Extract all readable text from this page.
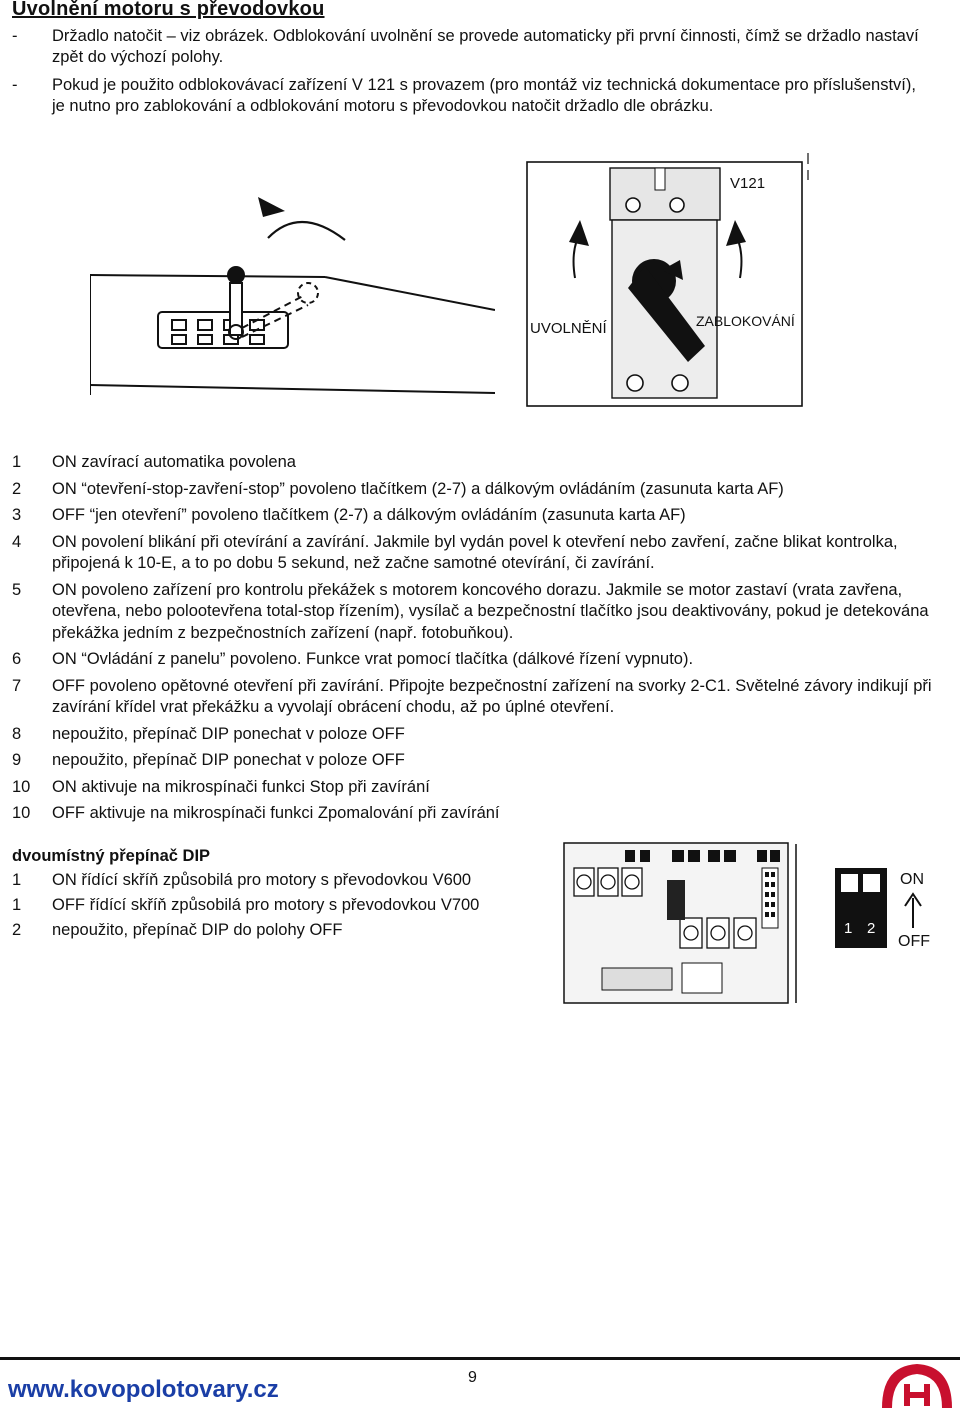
Uvolnění motoru s převodovkou
- Držadlo natočit – viz obrázek. Odblokování uvolnění se provede automaticky při první činnosti, čímž se držadlo nastaví zpět do výchozí polohy.
- Pokud je použito odblokovávací zařízení V 121 s provazem (pro montáž viz technická dokumentace pro příslušenství), je nutno pro zablokování a odblokování motoru s převodovkou natočit držadlo dle obrázku.
V121
UVOLNĚNÍ	ZABLOKOVÁNÍ
1 ON zavírací automatika povolena
2 ON “otevření-stop-zavření-stop” povoleno tlačítkem (2-7) a dálkovým ovládáním (zasunuta karta AF)
3 OFF “jen otevření” povoleno tlačítkem (2-7) a dálkovým ovládáním (zasunuta karta AF)
4 ON povolení blikání při otevírání a zavírání. Jakmile byl vydán povel k otevření nebo zavření, začne blikat kontrolka, připojená k 10-E, a to po dobu 5 sekund, než začne samotné otevírání, či zavírání.
5 ON povoleno zařízení pro kontrolu překážek s motorem koncového dorazu. Jakmile se motor zastaví (vrata zavřena, otevřena, nebo polootevřena total-stop řízením), vysílač a bezpečnostní tlačítko jsou deaktivovány, pokud je detekována překážka jedním z bezpečnostních zařízení (např. fotobuňkou).
6 ON “Ovládání z panelu” povoleno. Funkce vrat pomocí tlačítka (dálkové řízení vypnuto).
7 OFF povoleno opětovné otevření při zavírání. Připojte bezpečnostní zařízení na svorky 2-C1. Světelné závory indikují při zavírání křídel vrat překážku a vyvolají obrácení chodu, až po úplné otevření.
8 nepoužito, přepínač DIP ponechat v poloze OFF
9 nepoužito, přepínač DIP ponechat v poloze OFF
10 ON aktivuje na mikrospínači funkci Stop při zavírání
10 OFF aktivuje na mikrospínači funkci Zpomalování při zavírání
dvoumístný přepínač DIP
1 ON řídící skříň způsobilá pro motory s převodovkou V600
1 OFF řídící skříň způsobilá pro motory s převodovkou V700
2 nepoužito, přepínač DIP do polohy OFF	1 2
ON
OFF
www.kovopolotovary.cz	9
